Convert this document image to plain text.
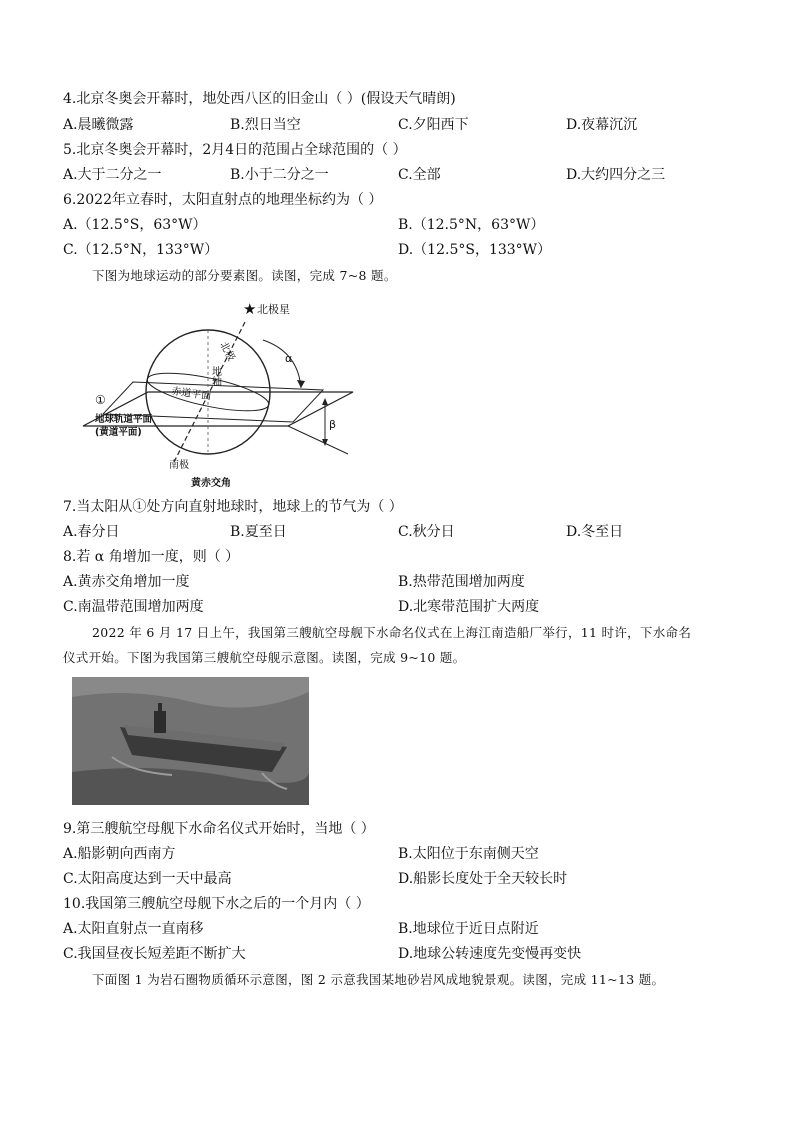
4.北京冬奥会开幕时，地处西八区的旧金山（ ）(假设天气晴朗)
A.晨曦微露	B.烈日当空	C.夕阳西下	D.夜幕沉沉
5.北京冬奥会开幕时，2月4日的范围占全球范围的（ ）
A.大于二分之一	B.小于二分之一	C.全部	D.大约四分之三
6.2022年立春时，太阳直射点的地理坐标约为（ ）
A.（12.5°S，63°W）	B.（12.5°N，63°W）
C.（12.5°N，133°W）	D.（12.5°S，133°W）
下图为地球运动的部分要素图。读图，完成 7~8 题。
★ 北极星
α
β
北极
地轴
赤道平面
①
地球轨道平面
(黄道平面)
南极
黄赤交角
7.当太阳从①处方向直射地球时，地球上的节气为（ ）
A.春分日	B.夏至日	C.秋分日	D.冬至日
8.若 α 角增加一度，则（ ）
A.黄赤交角增加一度	B.热带范围增加两度
C.南温带范围增加两度	D.北寒带范围扩大两度
2022 年 6 月 17 日上午，我国第三艘航空母舰下水命名仪式在上海江南造船厂举行，11 时许，下水命名
仪式开始。下图为我国第三艘航空母舰示意图。读图，完成 9~10 题。
9.第三艘航空母舰下水命名仪式开始时，当地（ ）
A.船影朝向西南方	B.太阳位于东南侧天空
C.太阳高度达到一天中最高	D.船影长度处于全天较长时
10.我国第三艘航空母舰下水之后的一个月内（ ）
A.太阳直射点一直南移	B.地球位于近日点附近
C.我国昼夜长短差距不断扩大	D.地球公转速度先变慢再变快
下面图 1 为岩石圈物质循环示意图，图 2 示意我国某地砂岩风成地貌景观。读图，完成 11~13 题。
